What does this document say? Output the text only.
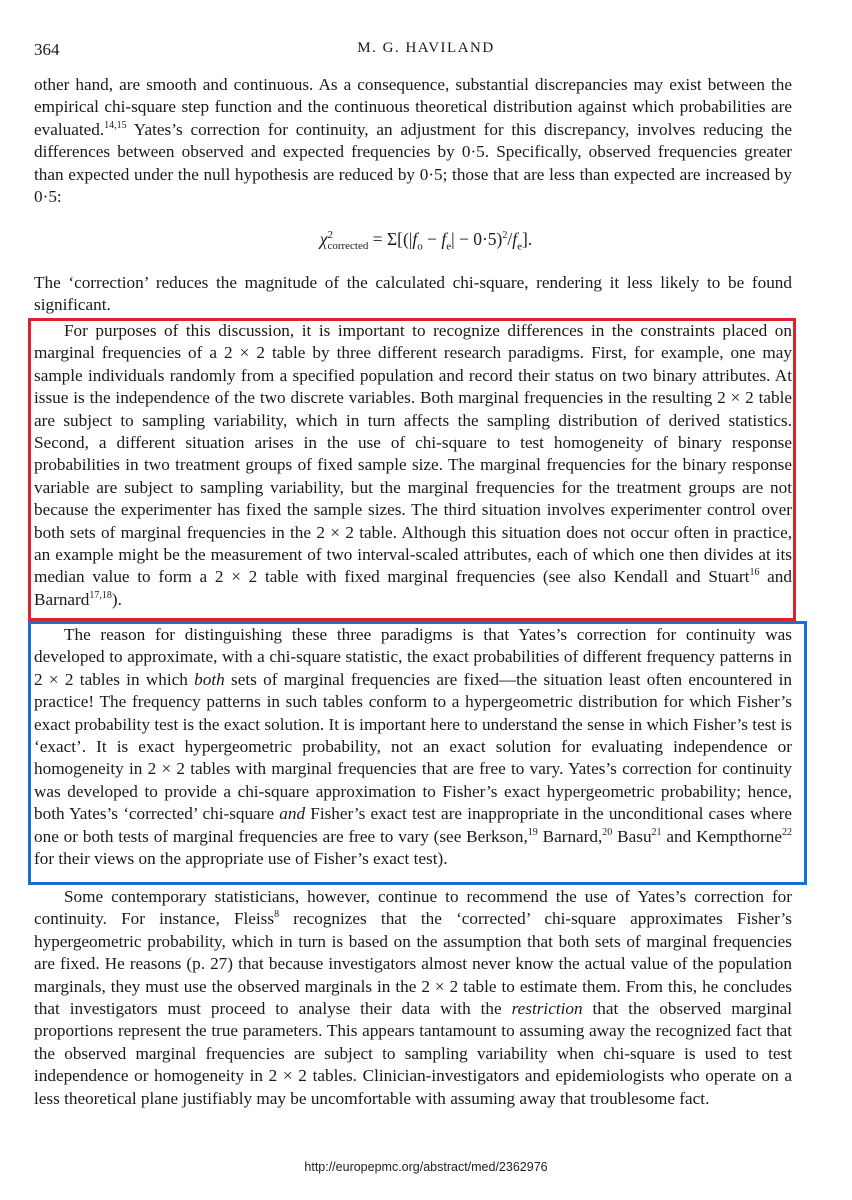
364	M. G. HAVILAND

other hand, are smooth and continuous. As a consequence, substantial discrepancies may exist between the empirical chi-square step function and the continuous theoretical distribution against which probabilities are evaluated.$^{14,15}$ Yates’s correction for continuity, an adjustment for this discrepancy, involves reducing the differences between observed and expected frequencies by 0·5. Specifically, observed frequencies greater than expected under the null hypothesis are reduced by 0·5; those that are less than expected are increased by 0·5:

χ 2
corrected = $\Sigma[(|f_o - f_e| - 0\cdot 5)^2/f_e]$.

The ‘correction’ reduces the magnitude of the calculated chi-square, rendering it less likely to be found significant.

For purposes of this discussion, it is important to recognize differences in the constraints placed on marginal frequencies of a 2 × 2 table by three different research paradigms. First, for example, one may sample individuals randomly from a specified population and record their status on two binary attributes. At issue is the independence of the two discrete variables. Both marginal frequencies in the resulting 2 × 2 table are subject to sampling variability, which in turn affects the sampling distribution of derived statistics. Second, a different situation arises in the use of chi-square to test homogeneity of binary response probabilities in two treatment groups of fixed sample size. The marginal frequencies for the binary response variable are subject to sampling variability, but the marginal frequencies for the treatment groups are not because the experimenter has fixed the sample sizes. The third situation involves experimenter control over both sets of marginal frequencies in the 2 × 2 table. Although this situation does not occur often in practice, an example might be the measurement of two interval-scaled attributes, each of which one then divides at its median value to form a 2 × 2 table with fixed marginal frequencies (see also Kendall and Stuart$^{16}$ and Barnard$^{17,18}$).

The reason for distinguishing these three paradigms is that Yates’s correction for continuity was developed to approximate, with a chi-square statistic, the exact probabilities of different frequency patterns in 2 × 2 tables in which both sets of marginal frequencies are fixed—the situation least often encountered in practice! The frequency patterns in such tables conform to a hypergeometric distribution for which Fisher’s exact probability test is the exact solution. It is important here to understand the sense in which Fisher’s test is ‘exact’. It is exact hypergeometric probability, not an exact solution for evaluating independence or homogeneity in 2 × 2 tables with marginal frequencies that are free to vary. Yates’s correction for continuity was developed to provide a chi-square approximation to Fisher’s exact hypergeometric probability; hence, both Yates’s ‘corrected’ chi-square and Fisher’s exact test are inappropriate in the unconditional cases where one or both tests of marginal frequencies are free to vary (see Berkson,$^{19}$ Barnard,$^{20}$ Basu$^{21}$ and Kempthorne$^{22}$ for their views on the appropriate use of Fisher’s exact test).

Some contemporary statisticians, however, continue to recommend the use of Yates’s correction for continuity. For instance, Fleiss$^8$ recognizes that the ‘corrected’ chi-square approximates Fisher’s hypergeometric probability, which in turn is based on the assumption that both sets of marginal frequencies are fixed. He reasons (p. 27) that because investigators almost never know the actual value of the population marginals, they must use the observed marginals in the 2 × 2 table to estimate them. From this, he concludes that investigators must proceed to analyse their data with the restriction that the observed marginal proportions represent the true parameters. This appears tantamount to assuming away the recognized fact that the observed marginal frequencies are subject to sampling variability when chi-square is used to test independence or homogeneity in 2 × 2 tables. Clinician-investigators and epidemiologists who operate on a less theoretical plane justifiably may be uncomfortable with assuming away that troublesome fact.

http://europepmc.org/abstract/med/2362976
